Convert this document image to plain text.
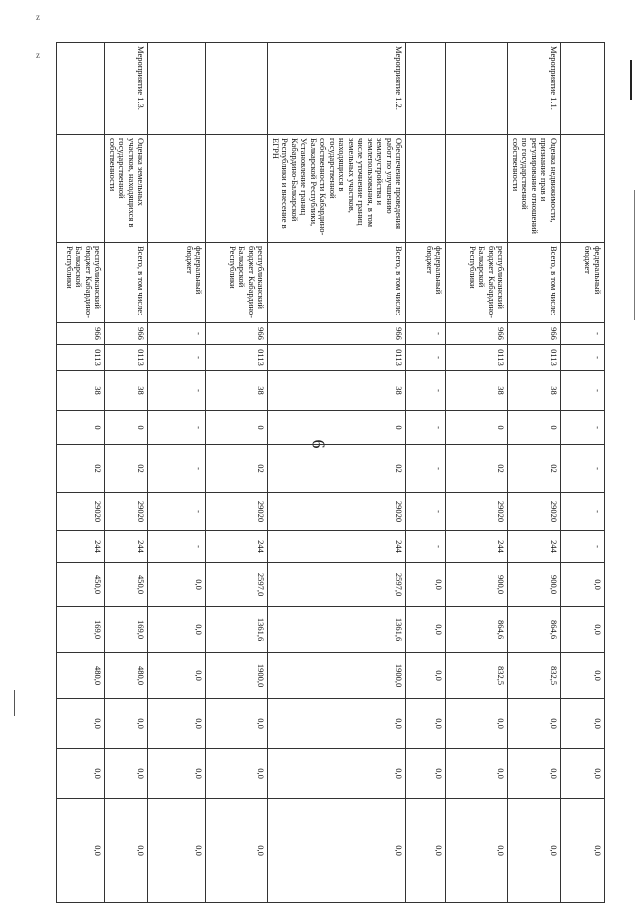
z
z
6
		федеральный бюджет	-	-	-	-	-	-	-	0,0	0,0	0,0	0,0	0,0	0,0
Мероприятие 1.1.	Оценка недвижимости, признание прав и регулирование отношений по государственной собственности	Всего, в том числе:	966	0113	38	0	02	29020	244	900,0	864,6	832,5	0,0	0,0	0,0
		республиканский бюджет Кабардино-Балкарской Республики	966	0113	38	0	02	29020	244	900,0	864,6	832,5	0,0	0,0	0,0
		федеральный бюджет	-	-	-	-	-	-	-	0,0	0,0	0,0	0,0	0,0	0,0
Мероприятие 1.2.	Обеспечение проведения работ по улучшению землеустройства и землепользования, в том числе уточнение границ земельных участков, находящихся в государственной собственности Кабардино-Балкарской Республики, Установление границ Кабардино-Балкарской Республики и внесение в ЕГРН	Всего, в том числе:	966	0113	38	0	02	29020	244	2597,0	1361,6	1900,0	0,0	0,0	0,0
		республиканский бюджет Кабардино-Балкарской Республики	966	0113	38	0	02	29020	244	2597,0	1361,6	1900,0	0,0	0,0	0,0
		федеральный бюджет	-	-	-	-	-	-	-	0,0	0,0	0,0	0,0	0,0	0,0
Мероприятие 1.3.	Оценка земельных участков, находящихся в государственной собственности	Всего, в том числе:	966	0113	38	0	02	29020	244	450,0	169,0	480,0	0,0	0,0	0,0
		республиканский бюджет Кабардино-Балкарской Республики	966	0113	38	0	02	29020	244	450,0	169,0	480,0	0,0	0,0	0,0
